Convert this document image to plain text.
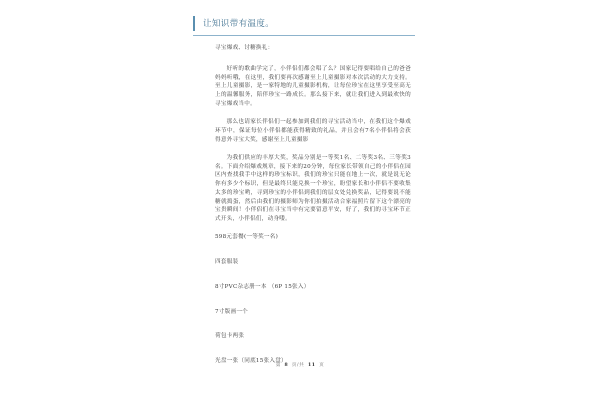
让知识带有温度。

寻宝爆戏、讨糖换礼：

好听的歌曲学完了，小伴侣们都会唱了么？国家记得要唱给自己的爸爸妈妈听哦，在这里，我们要再次感谢至上儿童摄影对本次活动的大力支持。至上儿童摄影，是一家特地的儿童摄影机构，让每位珍宝在这里享受至高无上的温馨服务，陪伴珍宝一路成长。那么接下来，就让我们进入到最欢快的寻宝爆戏当中。

那么也请家长伴侣们一起参加到我们的寻宝活动当中，在我们这个爆戏环节中，保证每位小伴侣都能获得精致的礼品，并且会有7名小伴侣将会获得意外寻宝大奖，感谢至上儿童摄影

为我们供应的丰厚大奖，奖品分别是一等奖1名、二等奖3名、三等奖3名。下面介绍爆戏规章，接下来的20分钟，每位家长带领自己的小伴侣在园区内查找我手中这样的珍宝标识，我们的珍宝只能在地上一次，就是说无论你有多少个标识，但是最终只能兑换一个珍宝，盼望家长和小伴侣不要收集太多的珍宝哟，寻到珍宝的小伴侣到我们的层女处兑换奖品，记得要说不能糖就捣蛋，然后由我们的摄影师为你们拍摄活动合家福照片留下这个漂亮的宝贵瞬间！小伴侣们在寻宝当中有完要留意平安，好了，我们的寻宝环节正式开头，小伴侣们，动身喽。

598元套餐(一等奖一名)

四套服装

8寸PVC杂志册一本 （6P 15张入）

7寸版画一个

荷包卡两张

光盘一张（同底15张入盘）

第 8 页/共 11 页
